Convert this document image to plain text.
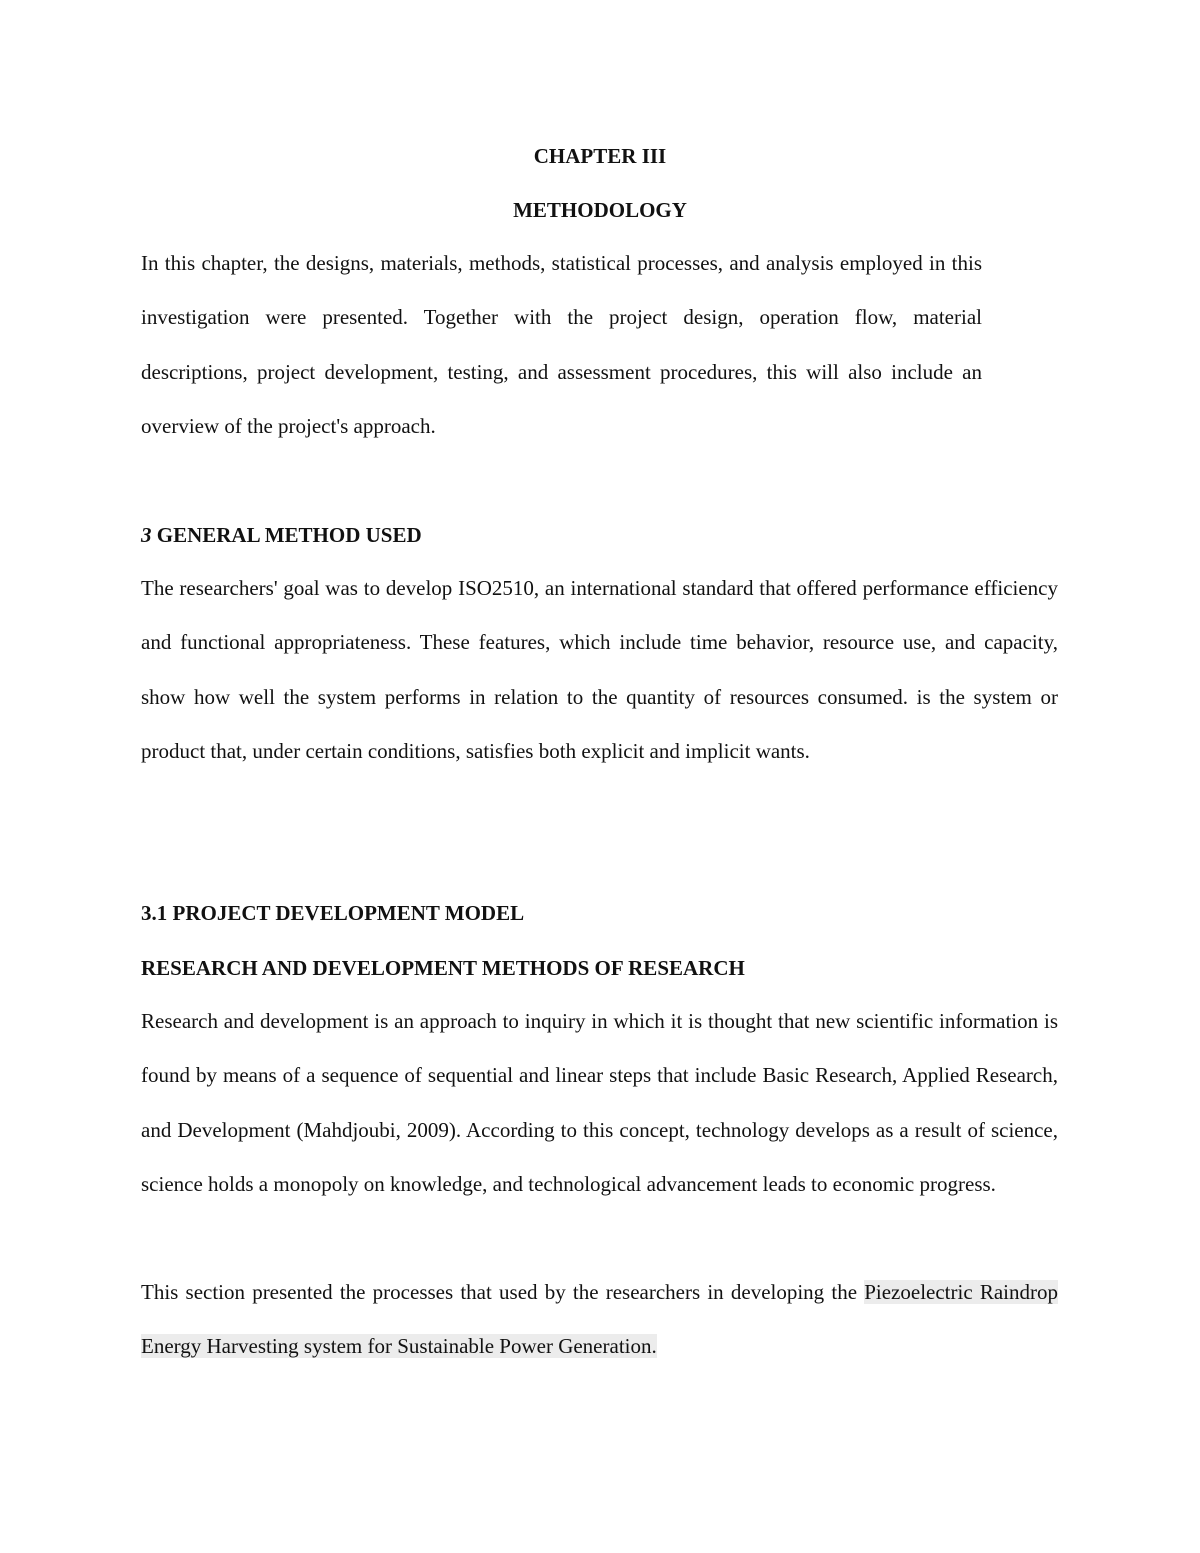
CHAPTER III

METHODOLOGY

In this chapter, the designs, materials, methods, statistical processes, and analysis employed in this investigation were presented. Together with the project design, operation flow, material descriptions, project development, testing, and assessment procedures, this will also include an overview of the project's approach.

3 GENERAL METHOD USED

The researchers' goal was to develop ISO2510, an international standard that offered performance efficiency and functional appropriateness. These features, which include time behavior, resource use, and capacity, show how well the system performs in relation to the quantity of resources consumed. is the system or product that, under certain conditions, satisfies both explicit and implicit wants.

3.1 PROJECT DEVELOPMENT MODEL

RESEARCH AND DEVELOPMENT METHODS OF RESEARCH

Research and development is an approach to inquiry in which it is thought that new scientific information is found by means of a sequence of sequential and linear steps that include Basic Research, Applied Research, and Development (Mahdjoubi, 2009). According to this concept, technology develops as a result of science, science holds a monopoly on knowledge, and technological advancement leads to economic progress.

This section presented the processes that used by the researchers in developing the Piezoelectric Raindrop Energy Harvesting system for Sustainable Power Generation.
